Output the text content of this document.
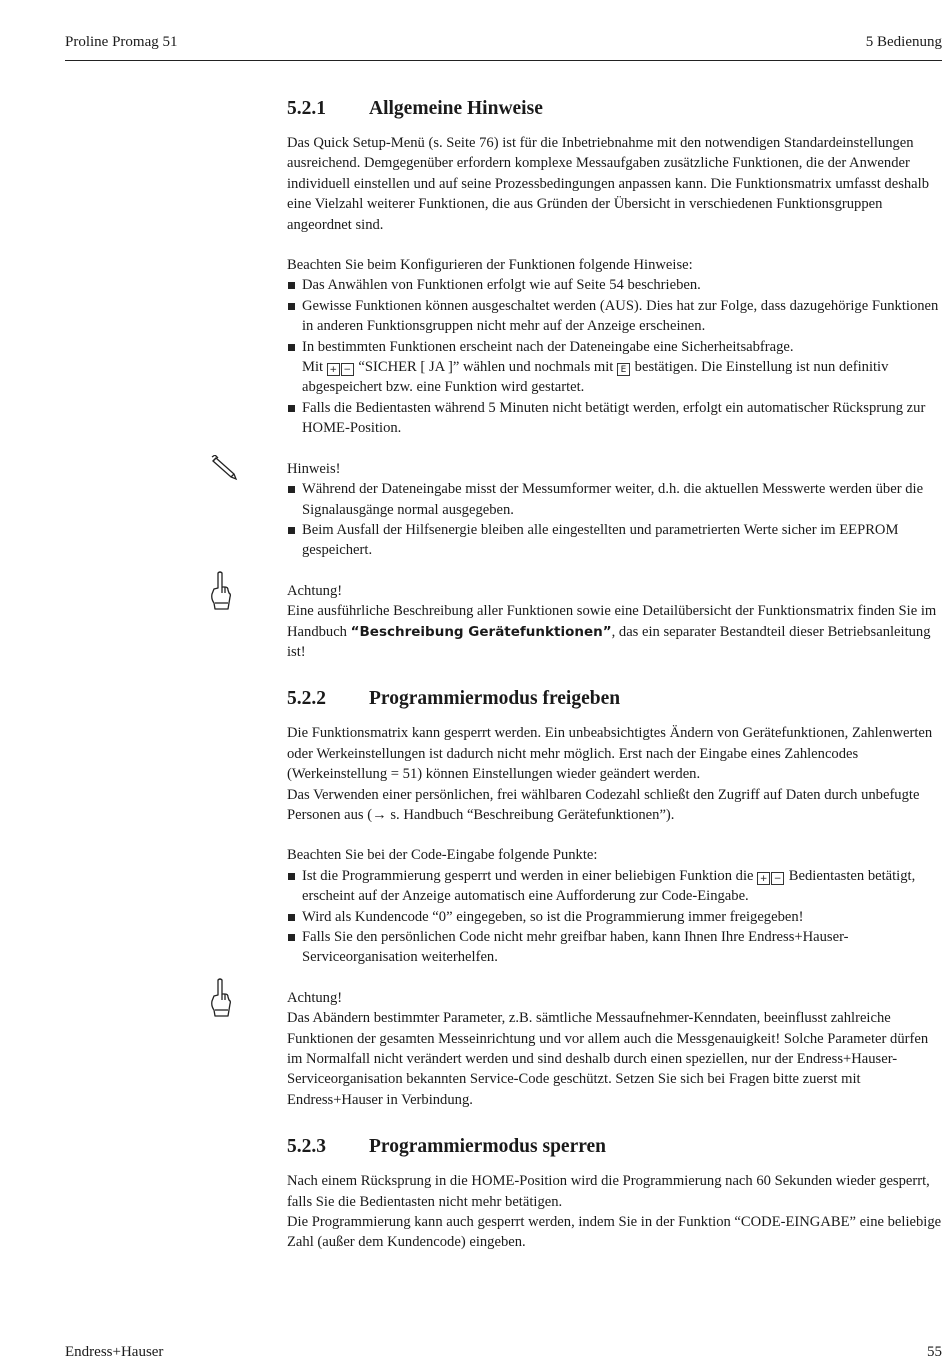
Proline Promag 51	5 Bedienung
5.2.1	Allgemeine Hinweise

Das Quick Setup-Menü (s. Seite 76) ist für die Inbetriebnahme mit den notwendigen Standardeinstellungen ausreichend. Demgegenüber erfordern komplexe Messaufgaben zusätzliche Funktionen, die der Anwender individuell einstellen und auf seine Prozessbedingungen anpassen kann. Die Funktionsmatrix umfasst deshalb eine Vielzahl weiterer Funktionen, die aus Gründen der Übersicht in verschiedenen Funktionsgruppen angeordnet sind.

Beachten Sie beim Konfigurieren der Funktionen folgende Hinweise:

Das Anwählen von Funktionen erfolgt wie auf Seite 54 beschrieben.
Gewisse Funktionen können ausgeschaltet werden (AUS). Dies hat zur Folge, dass dazugehörige Funktionen in anderen Funktionsgruppen nicht mehr auf der Anzeige erscheinen.
In bestimmten Funktionen erscheint nach der Dateneingabe eine Sicherheitsabfrage.
Mit + − “SICHER [ JA ]” wählen und nochmals mit E bestätigen. Die Einstellung ist nun definitiv abgespeichert bzw. eine Funktion wird gestartet.
Falls die Bedientasten während 5 Minuten nicht betätigt werden, erfolgt ein automatischer Rücksprung zur HOME-Position.

Hinweis!

Während der Dateneingabe misst der Messumformer weiter, d.h. die aktuellen Messwerte werden über die Signalausgänge normal ausgegeben.
Beim Ausfall der Hilfsenergie bleiben alle eingestellten und parametrierten Werte sicher im EEPROM gespeichert.

Achtung!

Eine ausführliche Beschreibung aller Funktionen sowie eine Detailübersicht der Funktionsmatrix finden Sie im Handbuch “Beschreibung Gerätefunktionen”, das ein separater Bestandteil dieser Betriebsanleitung ist!

5.2.2	Programmiermodus freigeben

Die Funktionsmatrix kann gesperrt werden. Ein unbeabsichtigtes Ändern von Gerätefunktionen, Zahlenwerten oder Werkeinstellungen ist dadurch nicht mehr möglich. Erst nach der Eingabe eines Zahlencodes (Werkeinstellung = 51) können Einstellungen wieder geändert werden.

Das Verwenden einer persönlichen, frei wählbaren Codezahl schließt den Zugriff auf Daten durch unbefugte Personen aus (→ s. Handbuch “Beschreibung Gerätefunktionen”).

Beachten Sie bei der Code-Eingabe folgende Punkte:

Ist die Programmierung gesperrt und werden in einer beliebigen Funktion die + − Bedientasten betätigt, erscheint auf der Anzeige automatisch eine Aufforderung zur Code-Eingabe.
Wird als Kundencode “0” eingegeben, so ist die Programmierung immer freigegeben!
Falls Sie den persönlichen Code nicht mehr greifbar haben, kann Ihnen Ihre Endress+Hauser-Serviceorganisation weiterhelfen.

Achtung!

Das Abändern bestimmter Parameter, z.B. sämtliche Messaufnehmer-Kenndaten, beeinflusst zahlreiche Funktionen der gesamten Messeinrichtung und vor allem auch die Messgenauigkeit! Solche Parameter dürfen im Normalfall nicht verändert werden und sind deshalb durch einen speziellen, nur der Endress+Hauser-Serviceorganisation bekannten Service-Code geschützt. Setzen Sie sich bei Fragen bitte zuerst mit Endress+Hauser in Verbindung.

5.2.3	Programmiermodus sperren

Nach einem Rücksprung in die HOME-Position wird die Programmierung nach 60 Sekunden wieder gesperrt, falls Sie die Bedientasten nicht mehr betätigen.

Die Programmierung kann auch gesperrt werden, indem Sie in der Funktion “CODE-EINGABE” eine beliebige Zahl (außer dem Kundencode) eingeben.

Endress+Hauser	55
